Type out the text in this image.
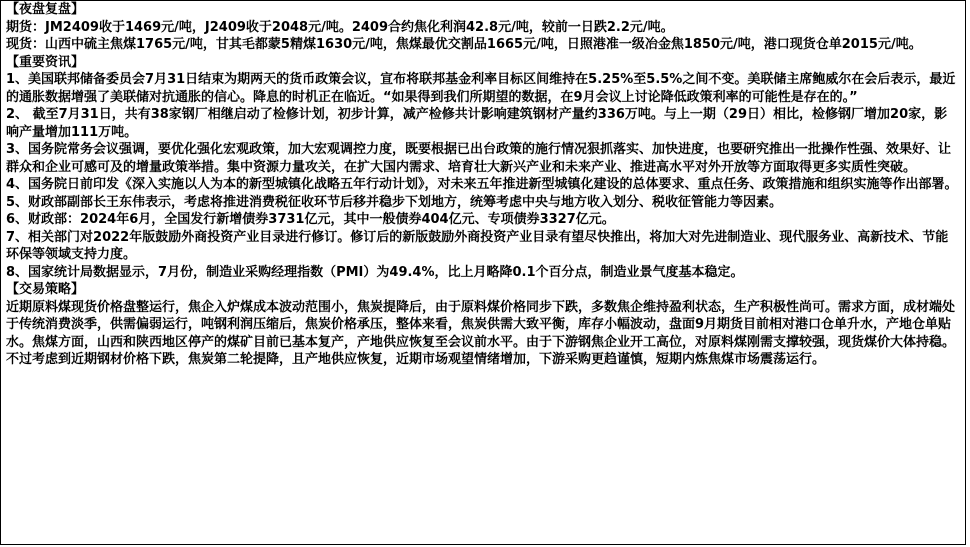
【夜盘复盘】

期货：JM2409收于1469元/吨，J2409收于2048元/吨。2409合约焦化利润42.8元/吨，较前一日跌2.2元/吨。

现货：山西中硫主焦煤1765元/吨，甘其毛都蒙5精煤1630元/吨，焦煤最优交割品1665元/吨，日照港准一级冶金焦1850元/吨，港口现货仓单2015元/吨。

【重要资讯】

1、美国联邦储备委员会7月31日结束为期两天的货币政策会议，宣布将联邦基金利率目标区间维持在5.25%至5.5%之间不变。美联储主席鲍威尔在会后表示，最近的通胀数据增强了美联储对抗通胀的信心。降息的时机正在临近。“如果得到我们所期望的数据，在9月会议上讨论降低政策利率的可能性是存在的。”

2、 截至7月31日，共有38家钢厂相继启动了检修计划，初步计算，减产检修共计影响建筑钢材产量约336万吨。与上一期（29日）相比，检修钢厂增加20家，影响产量增加111万吨。

3、国务院常务会议强调，要优化强化宏观政策，加大宏观调控力度，既要根据已出台政策的施行情况狠抓落实、加快进度，也要研究推出一批操作性强、效果好、让群众和企业可感可及的增量政策举措。集中资源力量攻关，在扩大国内需求、培育壮大新兴产业和未来产业、推进高水平对外开放等方面取得更多实质性突破。

4、国务院日前印发《深入实施以人为本的新型城镇化战略五年行动计划》，对未来五年推进新型城镇化建设的总体要求、重点任务、政策措施和组织实施等作出部署。

5、财政部副部长王东伟表示，考虑将推进消费税征收环节后移并稳步下划地方，统筹考虑中央与地方收入划分、税收征管能力等因素。

6、财政部：2024年6月，全国发行新增债券3731亿元，其中一般债券404亿元、专项债券3327亿元。

7、相关部门对2022年版鼓励外商投资产业目录进行修订。修订后的新版鼓励外商投资产业目录有望尽快推出，将加大对先进制造业、现代服务业、高新技术、节能环保等领域支持力度。

8、国家统计局数据显示，7月份，制造业采购经理指数（PMI）为49.4%，比上月略降0.1个百分点，制造业景气度基本稳定。

【交易策略】

近期原料煤现货价格盘整运行，焦企入炉煤成本波动范围小，焦炭提降后，由于原料煤价格同步下跌，多数焦企维持盈利状态，生产积极性尚可。需求方面，成材端处于传统消费淡季，供需偏弱运行，吨钢利润压缩后，焦炭价格承压，整体来看，焦炭供需大致平衡，库存小幅波动，盘面9月期货目前相对港口仓单升水，产地仓单贴水。焦煤方面，山西和陕西地区停产的煤矿目前已基本复产，产地供应恢复至会议前水平。由于下游钢焦企业开工高位，对原料煤刚需支撑较强，现货煤价大体持稳。不过考虑到近期钢材价格下跌，焦炭第二轮提降，且产地供应恢复，近期市场观望情绪增加，下游采购更趋谨慎，短期内炼焦煤市场震荡运行。
